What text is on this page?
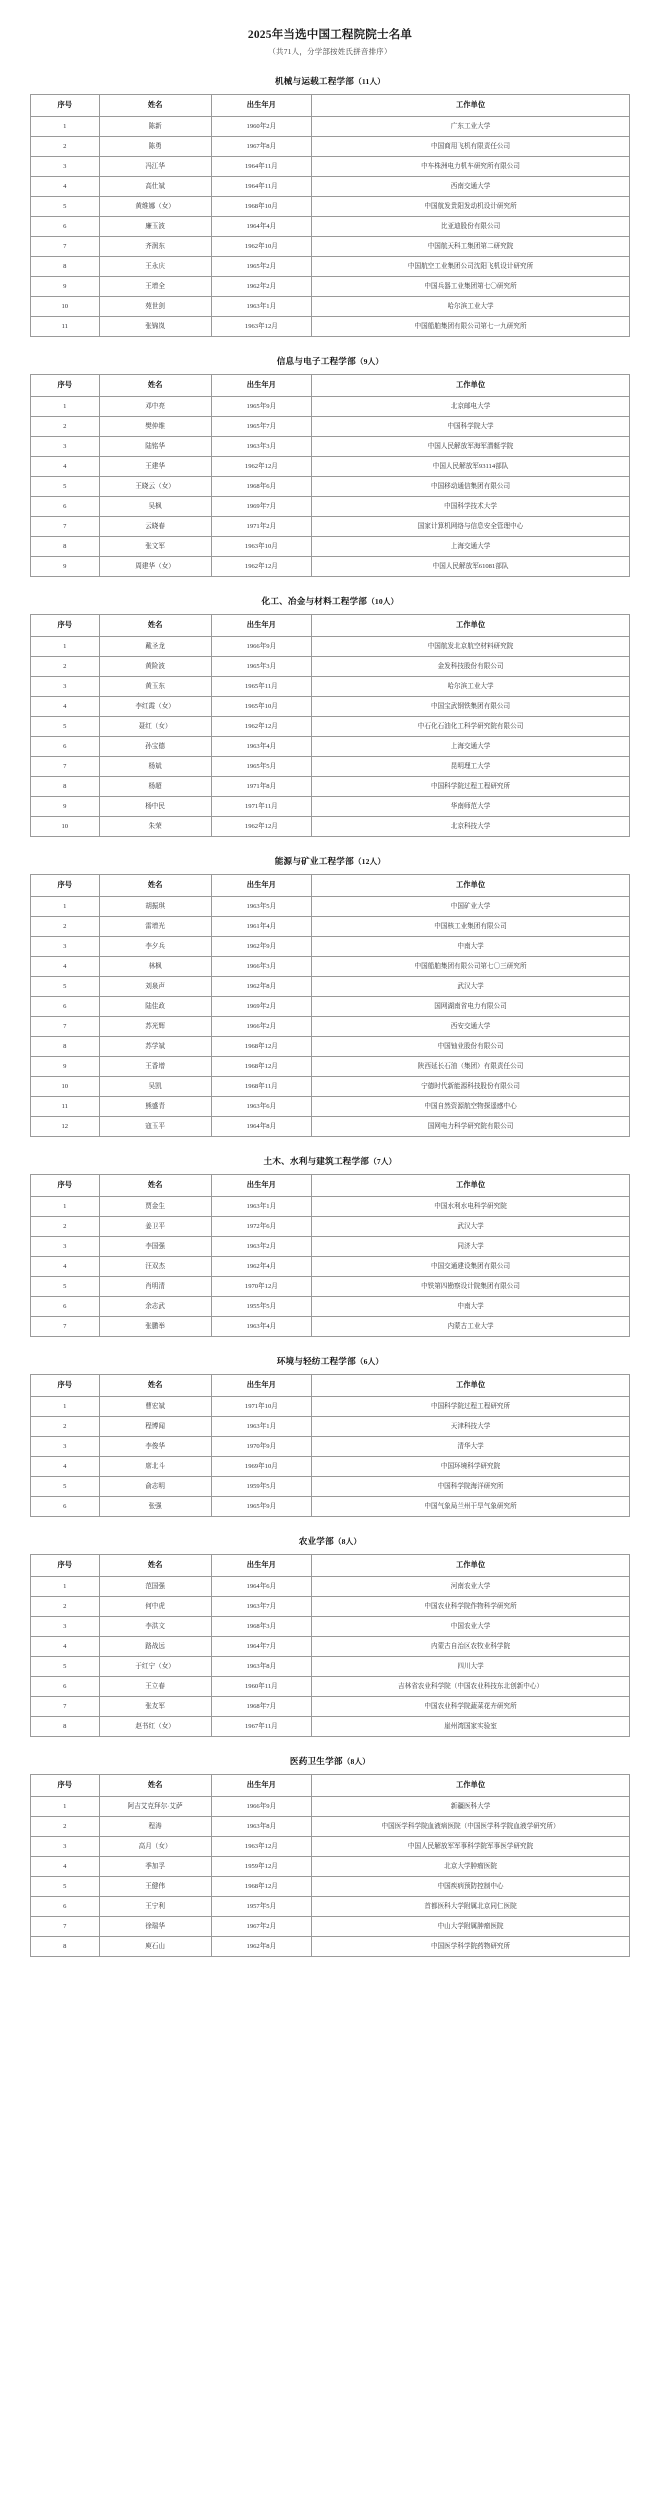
2025年当选中国工程院院士名单
（共71人，分学部按姓氏拼音排序）
机械与运载工程学部（11人）
序号	姓名	出生年月	工作单位
1	陈新	1960年2月	广东工业大学
2	陈勇	1967年8月	中国商用飞机有限责任公司
3	冯江华	1964年11月	中车株洲电力机车研究所有限公司
4	高仕斌	1964年11月	西南交通大学
5	黄维娜（女）	1968年10月	中国航发贵阳发动机设计研究所
6	廉玉波	1964年4月	比亚迪股份有限公司
7	齐润东	1962年10月	中国航天科工集团第二研究院
8	王永庆	1965年2月	中国航空工业集团公司沈阳飞机设计研究所
9	王增全	1962年2月	中国兵器工业集团第七〇研究所
10	苑世剑	1963年1月	哈尔滨工业大学
11	张锦岚	1963年12月	中国船舶集团有限公司第七一九研究所
信息与电子工程学部（9人）
序号	姓名	出生年月	工作单位
1	邓中亮	1965年9月	北京邮电大学
2	樊仲维	1965年7月	中国科学院大学
3	陆铭华	1963年3月	中国人民解放军海军潜艇学院
4	王建华	1962年12月	中国人民解放军93114部队
5	王晓云（女）	1968年6月	中国移动通信集团有限公司
6	吴枫	1969年7月	中国科学技术大学
7	云晓春	1971年2月	国家计算机网络与信息安全管理中心
8	张文军	1963年10月	上海交通大学
9	周建华（女）	1962年12月	中国人民解放军61081部队
化工、冶金与材料工程学部（10人）
序号	姓名	出生年月	工作单位
1	戴圣龙	1966年9月	中国航发北京航空材料研究院
2	黄险波	1965年3月	金发科技股份有限公司
3	黄玉东	1965年11月	哈尔滨工业大学
4	李红霞（女）	1965年10月	中国宝武钢铁集团有限公司
5	聂红（女）	1962年12月	中石化石油化工科学研究院有限公司
6	孙宝德	1963年4月	上海交通大学
7	杨斌	1965年5月	昆明理工大学
8	杨超	1971年8月	中国科学院过程工程研究所
9	杨中民	1971年11月	华南师范大学
10	朱荣	1962年12月	北京科技大学
能源与矿业工程学部（12人）
序号	姓名	出生年月	工作单位
1	胡振琪	1963年5月	中国矿业大学
2	雷增光	1961年4月	中国核工业集团有限公司
3	李夕兵	1962年9月	中南大学
4	林枫	1966年3月	中国船舶集团有限公司第七〇三研究所
5	刘泉声	1962年8月	武汉大学
6	陆佳政	1969年2月	国网湖南省电力有限公司
7	苏光辉	1966年2月	西安交通大学
8	苏学斌	1968年12月	中国铀业股份有限公司
9	王香增	1968年12月	陕西延长石油（集团）有限责任公司
10	吴凯	1968年11月	宁德时代新能源科技股份有限公司
11	熊盛青	1963年6月	中国自然资源航空物探遥感中心
12	寇玉平	1964年8月	国网电力科学研究院有限公司
土木、水利与建筑工程学部（7人）
序号	姓名	出生年月	工作单位
1	贾金生	1963年1月	中国水利水电科学研究院
2	姜卫平	1972年6月	武汉大学
3	李国强	1963年2月	同济大学
4	汪双杰	1962年4月	中国交通建设集团有限公司
5	肖明清	1970年12月	中铁第四勘察设计院集团有限公司
6	余志武	1955年5月	中南大学
7	张鹏举	1963年4月	内蒙古工业大学
环境与轻纺工程学部（6人）
序号	姓名	出生年月	工作单位
1	曹宏斌	1971年10月	中国科学院过程工程研究所
2	程博闻	1963年1月	天津科技大学
3	李俊华	1970年9月	清华大学
4	席北斗	1969年10月	中国环境科学研究院
5	俞志明	1959年5月	中国科学院海洋研究所
6	张强	1965年9月	中国气象局兰州干旱气象研究所
农业学部（8人）
序号	姓名	出生年月	工作单位
1	范国强	1964年6月	河南农业大学
2	何中虎	1963年7月	中国农业科学院作物科学研究所
3	李洪文	1968年3月	中国农业大学
4	路战远	1964年7月	内蒙古自治区农牧业科学院
5	于红宁（女）	1963年8月	四川大学
6	王立春	1960年11月	吉林省农业科学院（中国农业科技东北创新中心）
7	张友军	1968年7月	中国农业科学院蔬菜花卉研究所
8	赵书红（女）	1967年11月	崖州湾国家实验室
医药卫生学部（8人）
序号	姓名	出生年月	工作单位
1	阿吉艾克拜尔·艾萨	1966年9月	新疆医科大学
2	程涛	1963年8月	中国医学科学院血液病医院（中国医学科学院血液学研究所）
3	高月（女）	1963年12月	中国人民解放军军事科学院军事医学研究院
4	季加孚	1959年12月	北京大学肿瘤医院
5	王健伟	1968年12月	中国疾病预防控制中心
6	王宁利	1957年5月	首都医科大学附属北京同仁医院
7	徐瑞华	1967年2月	中山大学附属肿瘤医院
8	庾石山	1962年8月	中国医学科学院药物研究所
